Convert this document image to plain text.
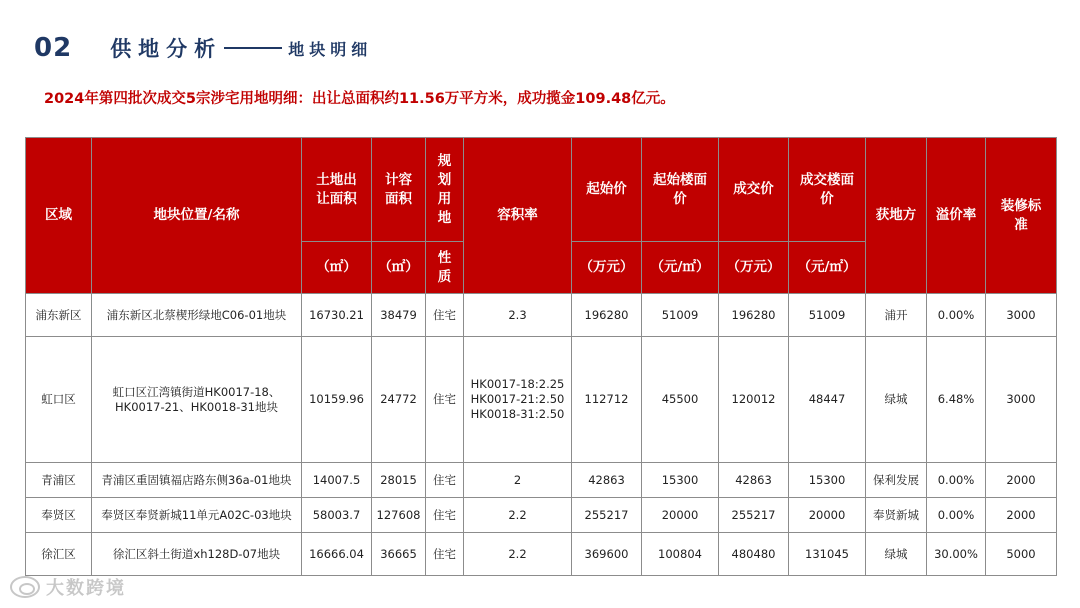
02 供地分析	地块明细
2024年第四批次成交5宗涉宅用地明细：出让总面积约11.56万平方米，成功揽金109.48亿元。
区域	地块位置/名称	土地出让面积	计容面积	规划用地	容积率	起始价	起始楼面价	成交价	成交楼面价	获地方	溢价率	装修标准
		（㎡）	（㎡）	性质		（万元）	（元/㎡）	（万元）	（元/㎡）			
浦东新区	浦东新区北蔡楔形绿地C06-01地块	16730.21	38479	住宅	2.3	196280	51009	196280	51009	浦开	0.00%	3000
虹口区	虹口区江湾镇街道HK0017-18、HK0017-21、HK0018-31地块	10159.96	24772	住宅	HK0017-18:2.25 HK0017-21:2.50 HK0018-31:2.50	112712	45500	120012	48447	绿城	6.48%	3000
青浦区	青浦区重固镇福店路东侧36a-01地块	14007.5	28015	住宅	2	42863	15300	42863	15300	保利发展	0.00%	2000
奉贤区	奉贤区奉贤新城11单元A02C-03地块	58003.7	127608	住宅	2.2	255217	20000	255217	20000	奉贤新城	0.00%	2000
徐汇区	徐汇区斜土街道xh128D-07地块	16666.04	36665	住宅	2.2	369600	100804	480480	131045	绿城	30.00%	5000
大数跨境
